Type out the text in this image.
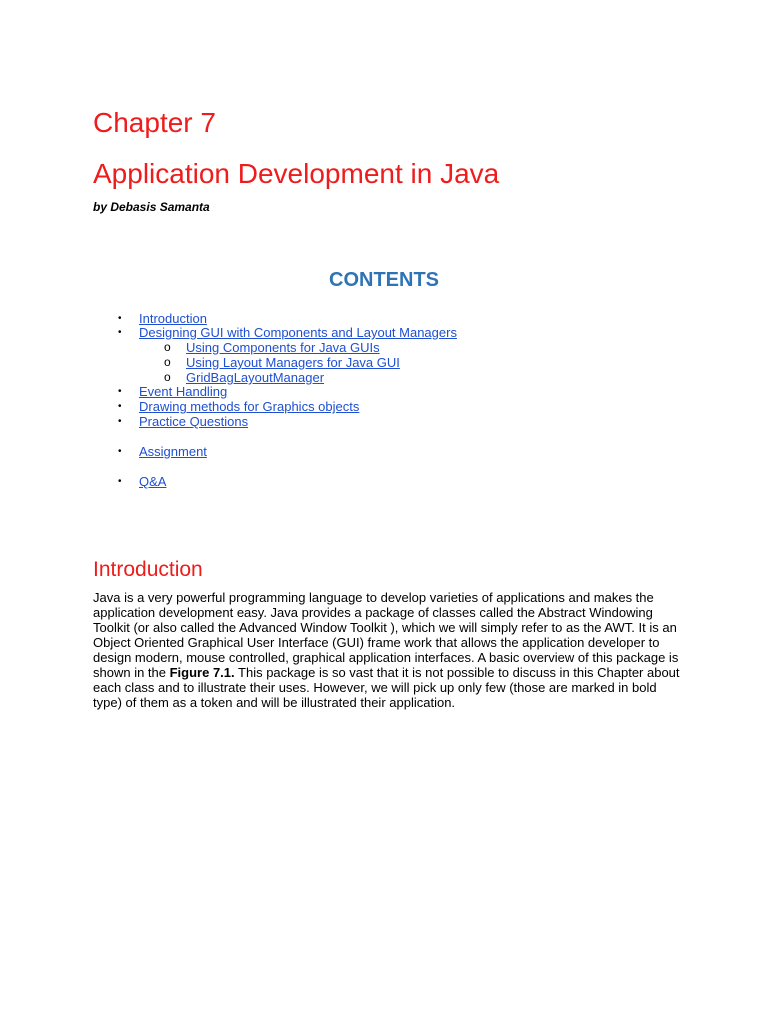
Chapter 7
Application Development in Java
by Debasis Samanta
CONTENTS
• Introduction
• Designing GUI with Components and Layout Managers
o Using Components for Java GUIs
o Using Layout Managers for Java GUI
o GridBagLayoutManager
• Event Handling
• Drawing methods for Graphics objects
• Practice Questions
• Assignment
• Q&A
Introduction

Java is a very powerful programming language to develop varieties of applications and makes the application development easy. Java provides a package of classes called the Abstract Windowing Toolkit (or also called the Advanced Window Toolkit ), which we will simply refer to as the AWT. It is an Object Oriented Graphical User Interface (GUI) frame work that allows the application developer to design modern, mouse controlled, graphical application interfaces. A basic overview of this package is shown in the Figure 7.1. This package is so vast that it is not possible to discuss in this Chapter about each class and to illustrate their uses. However, we will pick up only few (those are marked in bold type) of them as a token and will be illustrated their application.
